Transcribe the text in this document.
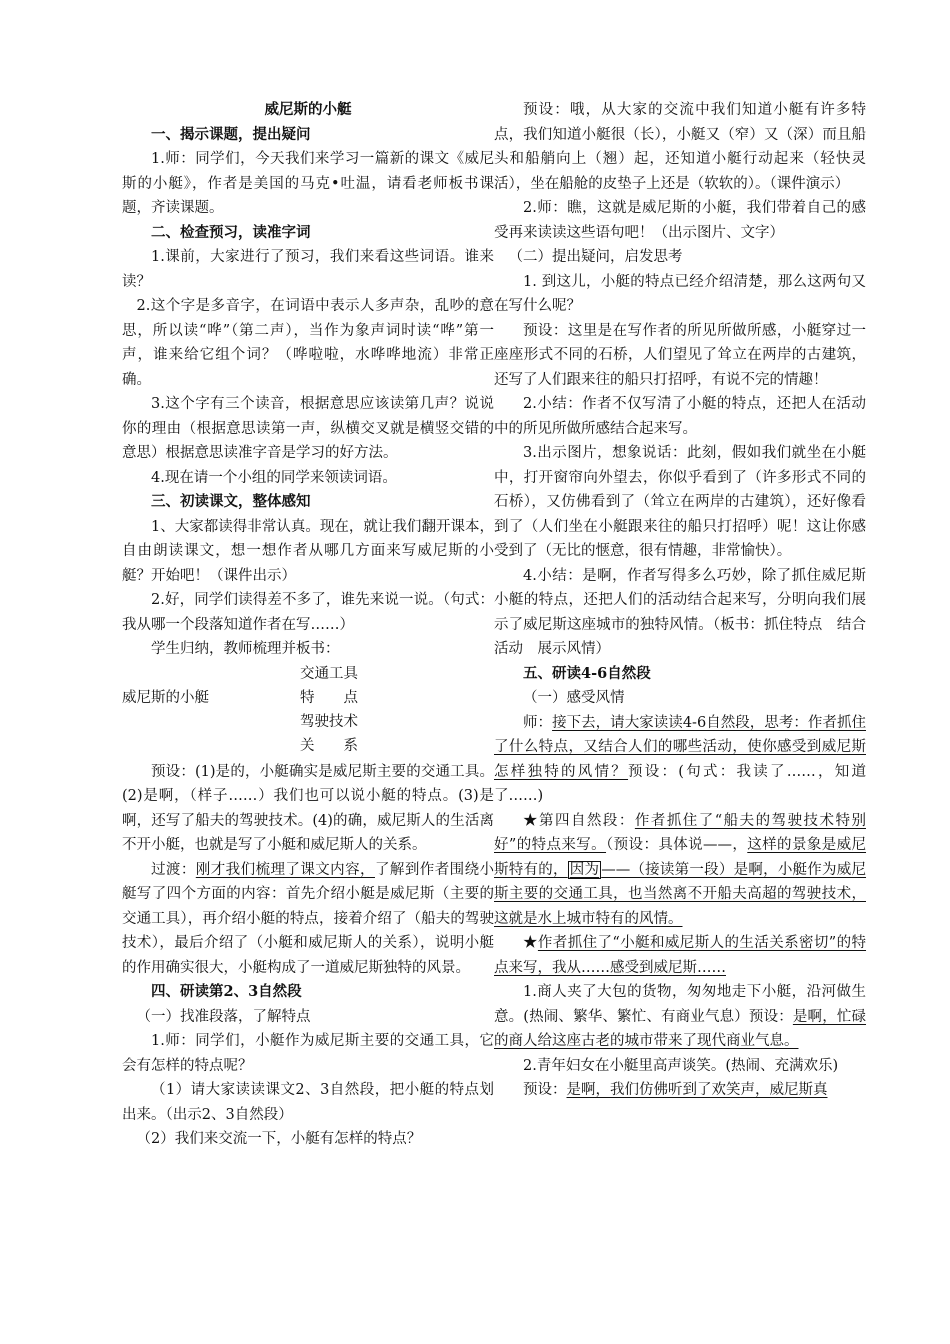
威尼斯的小艇

一、揭示课题，提出疑问

1.师：同学们，今天我们来学习一篇新的课文《威尼斯的小艇》，作者是美国的马克•吐温，请看老师板书课题，齐读课题。

二、检查预习，读准字词

1.课前，大家进行了预习，我们来看这些词语。谁来读？

2.这个字是多音字，在词语中表示人多声杂，乱吵的意思，所以读“哗”（第二声），当作为象声词时读“哗”第一声，谁来给它组个词？（哗啦啦，水哗哗地流）非常正确。

3.这个字有三个读音，根据意思应该读第几声？说说你的理由（根据意思读第一声，纵横交叉就是横竖交错的意思）根据意思读准字音是学习的好方法。

4.现在请一个小组的同学来领读词语。

三、初读课文，整体感知

1、大家都读得非常认真。现在，就让我们翻开课本，自由朗读课文，想一想作者从哪几方面来写威尼斯的小艇？开始吧！（课件出示）

2.好，同学们读得差不多了，谁先来说一说。（句式：我从哪一个段落知道作者在写……）

学生归纳，教师梳理并板书：

威尼斯的小艇
交通工具
特　　点
驾驶技术
关　　系

预设：(1)是的，小艇确实是威尼斯主要的交通工具。(2)是啊，（样子……）我们也可以说小艇的特点。(3)是啊，还写了船夫的驾驶技术。(4)的确，威尼斯人的生活离不开小艇，也就是写了小艇和威尼斯人的关系。

过渡：刚才我们梳理了课文内容，了解到作者围绕小艇写了四个方面的内容：首先介绍小艇是威尼斯（主要的交通工具），再介绍小艇的特点，接着介绍了（船夫的驾驶技术），最后介绍了（小艇和威尼斯人的关系），说明小艇的作用确实很大，小艇构成了一道威尼斯独特的风景。

四、研读第2、3自然段

（一）找准段落，了解特点

1.师：同学们，小艇作为威尼斯主要的交通工具，它会有怎样的特点呢？

（1）请大家读读课文2、3自然段，把小艇的特点划出来。（出示2、3自然段）

（2）我们来交流一下，小艇有怎样的特点？

预设：哦，从大家的交流中我们知道小艇有许多特点，我们知道小艇很（长），小艇又（窄）又（深）而且船头和船艄向上（翘）起，还知道小艇行动起来（轻快灵活），坐在船舱的皮垫子上还是（软软的）。（课件演示）

2.师：瞧，这就是威尼斯的小艇，我们带着自己的感受再来读读这些语句吧！（出示图片、文字）

（二）提出疑问，启发思考

1. 到这儿，小艇的特点已经介绍清楚，那么这两句又在写什么呢？

预设：这里是在写作者的所见所做所感，小艇穿过一座座形式不同的石桥，人们望见了耸立在两岸的古建筑，还写了人们跟来往的船只打招呼，有说不完的情趣！

2.小结：作者不仅写清了小艇的特点，还把人在活动中的所见所做所感结合起来写。

3.出示图片，想象说话：此刻，假如我们就坐在小艇中，打开窗帘向外望去，你似乎看到了（许多形式不同的石桥），又仿佛看到了（耸立在两岸的古建筑），还好像看到了（人们坐在小艇跟来往的船只打招呼）呢！这让你感受到了（无比的惬意，很有情趣，非常愉快）。

4.小结：是啊，作者写得多么巧妙，除了抓住威尼斯小艇的特点，还把人们的活动结合起来写，分明向我们展示了威尼斯这座城市的独特风情。（板书：抓住特点　结合活动　展示风情）

五、研读4-6自然段

（一）感受风情

师：接下去，请大家读读4-6自然段，思考：作者抓住了什么特点，又结合人们的哪些活动，使你感受到威尼斯怎样独特的风情？预设：(句式：我读了……，知道了……)

★第四自然段：作者抓住了“船夫的驾驶技术特别好”的特点来写。（预设：具体说——，这样的景象是威尼斯特有的， 因为 ——（接读第一段）是啊，小艇作为威尼斯主要的交通工具，也当然离不开船夫高超的驾驶技术，这就是水上城市特有的风情。

★作者抓住了“小艇和威尼斯人的生活关系密切”的特点来写，我从……感受到威尼斯……

1.商人夹了大包的货物，匆匆地走下小艇，沿河做生意。(热闹、繁华、繁忙、有商业气息）预设：是啊，忙碌的商人给这座古老的城市带来了现代商业气息。

2.青年妇女在小艇里高声谈笑。(热闹、充满欢乐)

预设：是啊，我们仿佛听到了欢笑声，威尼斯真
